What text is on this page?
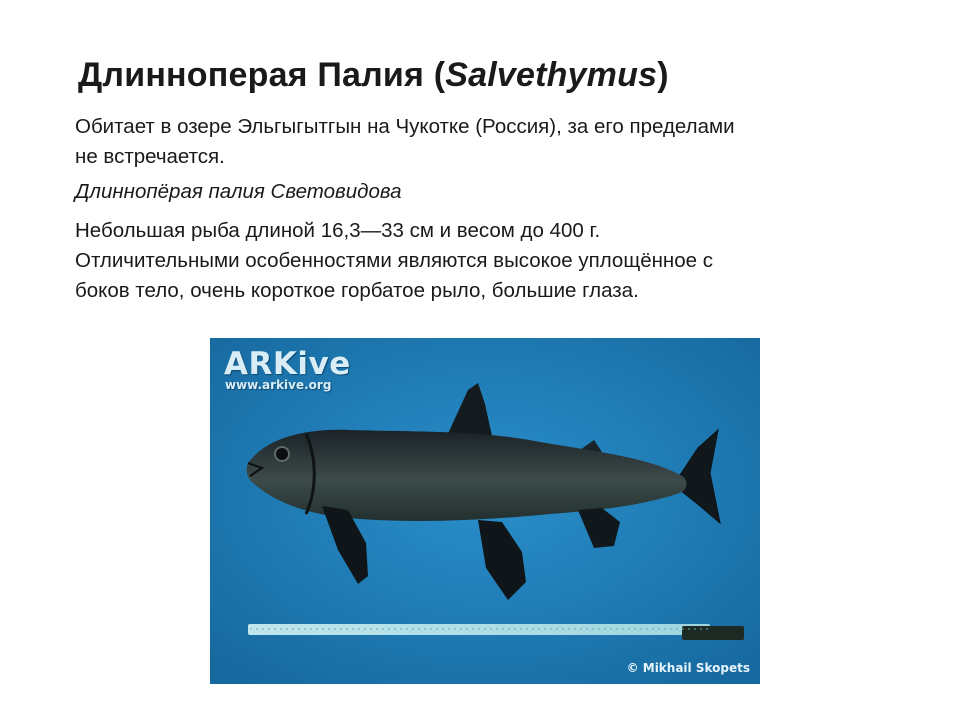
Длиннoперая Палия (Salvethymus)

Обитает в озере Эльгыгытгын на Чукотке (Россия), за его пределами
не встречается.

Длиннопёрая палия Световидова

Небольшая рыба длиной 16,3—33 см и весом до 400 г.
Отличительными особенностями являются высокое уплощённое с
боков тело, очень короткое горбатое рыло, большие глаза.

ARKive
www.arkive.org
© Mikhail Skopets
